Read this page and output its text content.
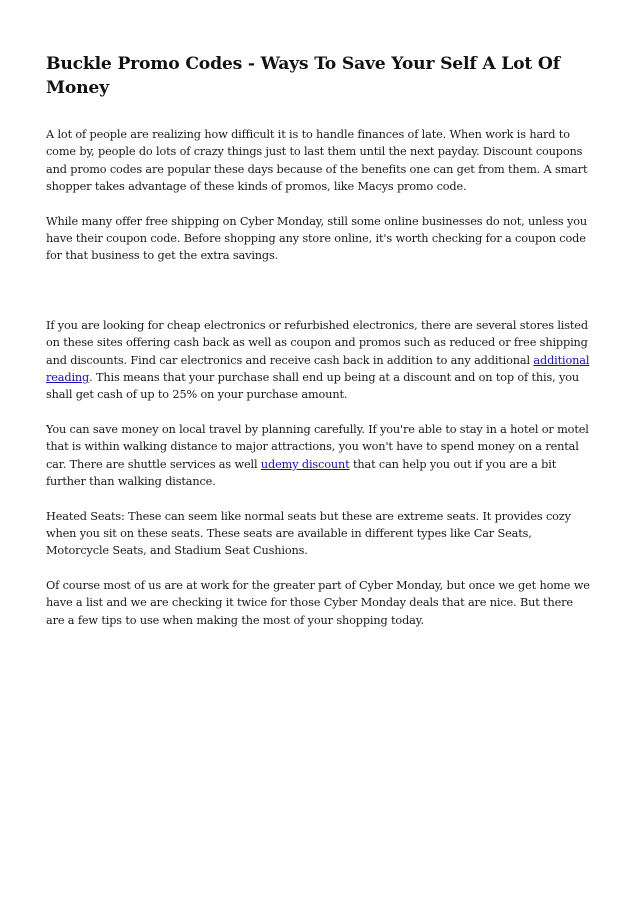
Buckle Promo Codes - Ways To Save Your Self A Lot Of Money

A lot of people are realizing how difficult it is to handle finances of late. When work is hard to come by, people do lots of crazy things just to last them until the next payday. Discount coupons and promo codes are popular these days because of the benefits one can get from them. A smart shopper takes advantage of these kinds of promos, like Macys promo code.

While many offer free shipping on Cyber Monday, still some online businesses do not, unless you have their coupon code. Before shopping any store online, it's worth checking for a coupon code for that business to get the extra savings.

If you are looking for cheap electronics or refurbished electronics, there are several stores listed on these sites offering cash back as well as coupon and promos such as reduced or free shipping and discounts. Find car electronics and receive cash back in addition to any additional additional reading. This means that your purchase shall end up being at a discount and on top of this, you shall get cash of up to 25% on your purchase amount.

You can save money on local travel by planning carefully. If you're able to stay in a hotel or motel that is within walking distance to major attractions, you won't have to spend money on a rental car. There are shuttle services as well udemy discount that can help you out if you are a bit further than walking distance.

Heated Seats: These can seem like normal seats but these are extreme seats. It provides cozy when you sit on these seats. These seats are available in different types like Car Seats, Motorcycle Seats, and Stadium Seat Cushions.

Of course most of us are at work for the greater part of Cyber Monday, but once we get home we have a list and we are checking it twice for those Cyber Monday deals that are nice. But there are a few tips to use when making the most of your shopping today.
